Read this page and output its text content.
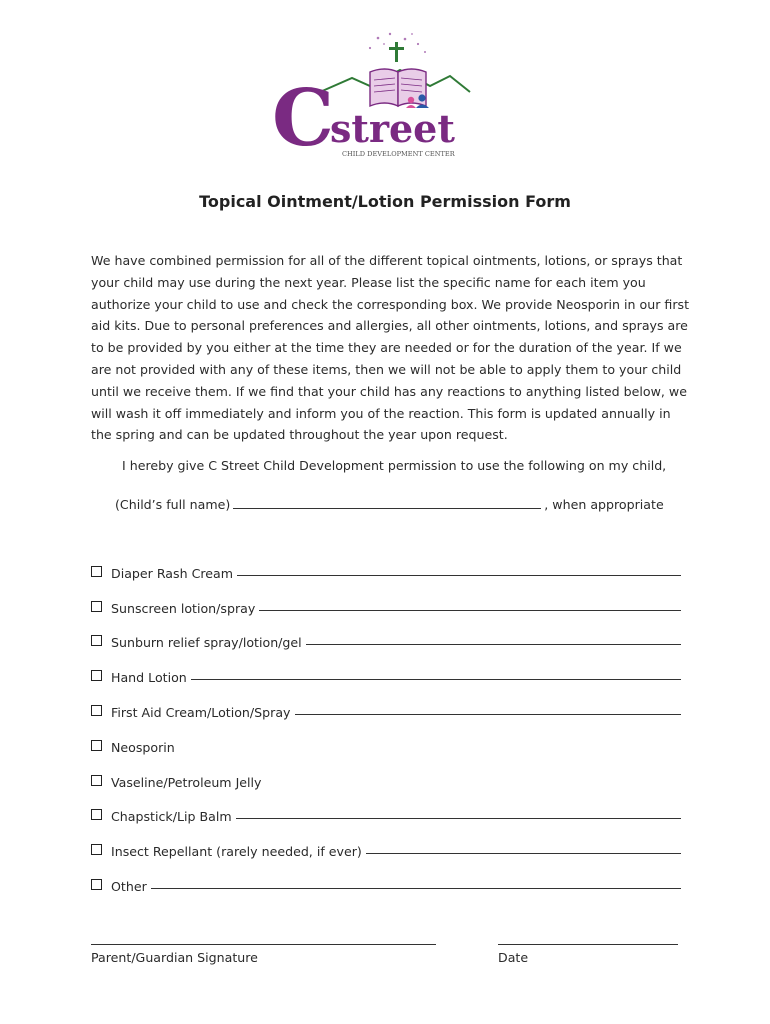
C
street
CHILD DEVELOPMENT CENTER
Topical Ointment/Lotion Permission Form

We have combined permission for all of the different topical ointments, lotions, or sprays that your child may use during the next year. Please list the specific name for each item you authorize your child to use and check the corresponding box. We provide Neosporin in our first aid kits. Due to personal preferences and allergies, all other ointments, lotions, and sprays are to be provided by you either at the time they are needed or for the duration of the year. If we are not provided with any of these items, then we will not be able to apply them to your child until we receive them. If we find that your child has any reactions to anything listed below, we will wash it off immediately and inform you of the reaction. This form is updated annually in the spring and can be updated throughout the year upon request.

I hereby give C Street Child Development permission to use the following on my child,
(Child’s full name)	, when appropriate
Diaper Rash Cream
Sunscreen lotion/spray
Sunburn relief spray/lotion/gel
Hand Lotion
First Aid Cream/Lotion/Spray
Neosporin
Vaseline/Petroleum Jelly
Chapstick/Lip Balm
Insect Repellant (rarely needed, if ever)
Other
Parent/Guardian Signature	Date
